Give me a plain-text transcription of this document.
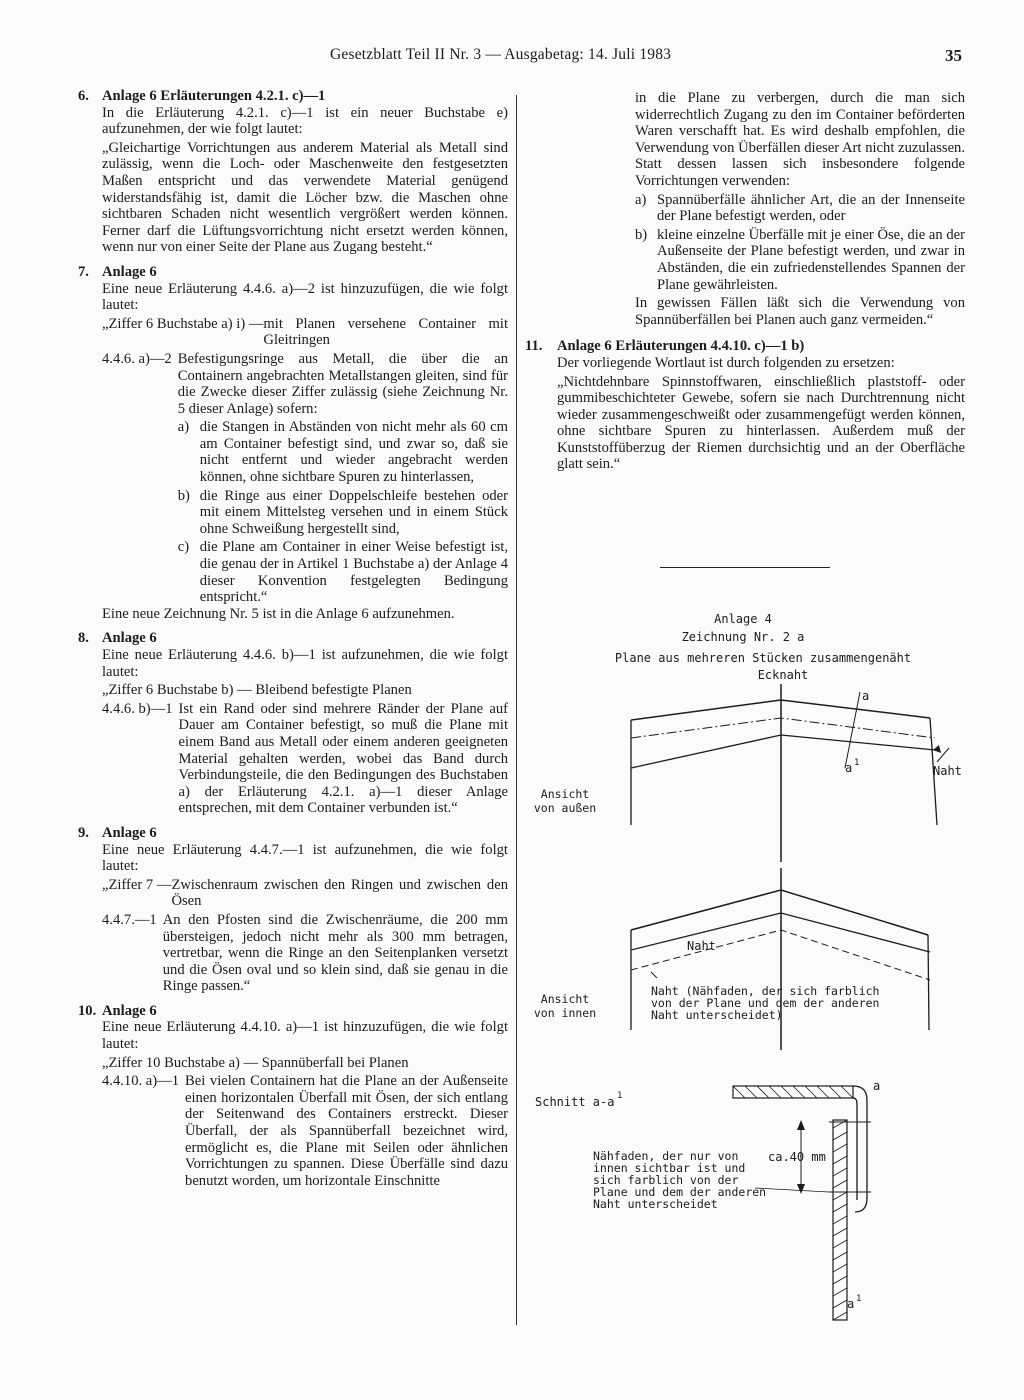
Gesetzblatt Teil II Nr. 3 — Ausgabetag: 14. Juli 1983	35
6. Anlage 6 Erläuterungen 4.2.1. c)—1
In die Erläuterung 4.2.1. c)—1 ist ein neuer Buchstabe e) aufzunehmen, der wie folgt lautet:
„Gleichartige Vorrichtungen aus anderem Material als Metall sind zulässig, wenn die Loch- oder Maschenweite den festgesetzten Maßen entspricht und das verwendete Material genügend widerstandsfähig ist, damit die Löcher bzw. die Maschen ohne sichtbaren Schaden nicht wesentlich vergrößert werden können. Ferner darf die Lüftungsvorrichtung nicht ersetzt werden können, wenn nur von einer Seite der Plane aus Zugang besteht.“
7. Anlage 6
Eine neue Erläuterung 4.4.6. a)—2 ist hinzuzufügen, die wie folgt lautet:
„Ziffer 6 Buchstabe a) i) — mit Planen versehene Container mit Gleitringen
4.4.6. a)—2 Befestigungsringe aus Metall, die über die an Containern angebrachten Metallstangen gleiten, sind für die Zwecke dieser Ziffer zulässig (siehe Zeichnung Nr. 5 dieser Anlage) sofern:
a) die Stangen in Abständen von nicht mehr als 60 cm am Container befestigt sind, und zwar so, daß sie nicht entfernt und wieder angebracht werden können, ohne sichtbare Spuren zu hinterlassen,
b) die Ringe aus einer Doppelschleife bestehen oder mit einem Mittelsteg versehen und in einem Stück ohne Schweißung hergestellt sind,
c) die Plane am Container in einer Weise befestigt ist, die genau der in Artikel 1 Buchstabe a) der Anlage 4 dieser Konvention festgelegten Bedingung entspricht.“
Eine neue Zeichnung Nr. 5 ist in die Anlage 6 aufzunehmen.
8. Anlage 6
Eine neue Erläuterung 4.4.6. b)—1 ist aufzunehmen, die wie folgt lautet:
„Ziffer 6 Buchstabe b) — Bleibend befestigte Planen
4.4.6. b)—1 Ist ein Rand oder sind mehrere Ränder der Plane auf Dauer am Container befestigt, so muß die Plane mit einem Band aus Metall oder einem anderen geeigneten Material gehalten werden, wobei das Band durch Verbindungsteile, die den Bedingungen des Buchstaben a) der Erläuterung 4.2.1. a)—1 dieser Anlage entsprechen, mit dem Container verbunden ist.“
9. Anlage 6
Eine neue Erläuterung 4.4.7.—1 ist aufzunehmen, die wie folgt lautet:
„Ziffer 7 — Zwischenraum zwischen den Ringen und zwischen den Ösen
4.4.7.—1 An den Pfosten sind die Zwischenräume, die 200 mm übersteigen, jedoch nicht mehr als 300 mm betragen, vertretbar, wenn die Ringe an den Seitenplanken versetzt und die Ösen oval und so klein sind, daß sie genau in die Ringe passen.“
10. Anlage 6
Eine neue Erläuterung 4.4.10. a)—1 ist hinzuzufügen, die wie folgt lautet:
„Ziffer 10 Buchstabe a) — Spannüberfall bei Planen
4.4.10. a)—1 Bei vielen Containern hat die Plane an der Außenseite einen horizontalen Überfall mit Ösen, der sich entlang der Seitenwand des Containers erstreckt. Dieser Überfall, der als Spannüberfall bezeichnet wird, ermöglicht es, die Plane mit Seilen oder ähnlichen Vorrichtungen zu spannen. Diese Überfälle sind dazu benutzt worden, um horizontale Einschnitte
in die Plane zu verbergen, durch die man sich widerrechtlich Zugang zu den im Container beförderten Waren verschafft hat. Es wird deshalb empfohlen, die Verwendung von Überfällen dieser Art nicht zuzulassen. Statt dessen lassen sich insbesondere folgende Vorrichtungen verwenden:
a) Spannüberfälle ähnlicher Art, die an der Innenseite der Plane befestigt werden, oder
b) kleine einzelne Überfälle mit je einer Öse, die an der Außenseite der Plane befestigt werden, und zwar in Abständen, die ein zufriedenstellendes Spannen der Plane gewährleisten.
In gewissen Fällen läßt sich die Verwendung von Spannüberfällen bei Planen auch ganz vermeiden.“
11. Anlage 6 Erläuterungen 4.4.10. c)—1 b)
Der vorliegende Wortlaut ist durch folgenden zu ersetzen:
„Nichtdehnbare Spinnstoffwaren, einschließlich plaststoff- oder gummibeschichteter Gewebe, sofern sie nach Durchtrennung nicht wieder zusammengeschweißt oder zusammengefügt werden können, ohne sichtbare Spuren zu hinterlassen. Außerdem muß der Kunststoffüberzug der Riemen durchsichtig und an der Oberfläche glatt sein.“
Anlage 4
Zeichnung Nr. 2 a
Plane aus mehreren Stücken zusammengenäht
Ecknaht
a
a 1
Naht
Ansicht
von außen
Naht
Naht (Nähfaden, der sich farblich
von der Plane und dem der anderen
Naht unterscheidet)
Ansicht
von innen
Schnitt a-a 1
ca.40 mm
a
a 1
Nähfaden, der nur von
innen sichtbar ist und
sich farblich von der
Plane und dem der anderen
Naht unterscheidet
